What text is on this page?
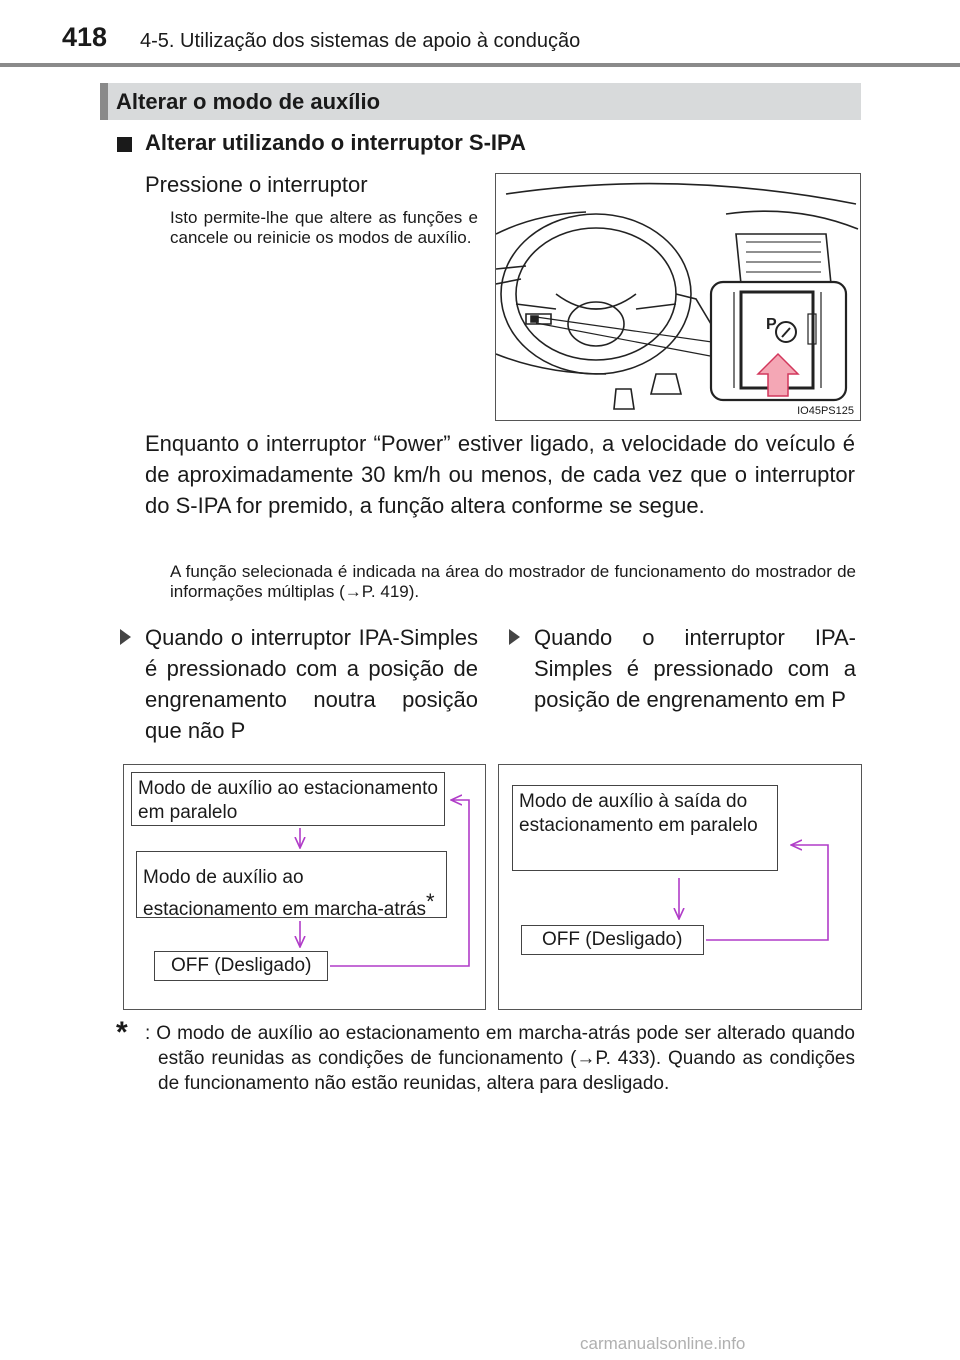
418 4-5. Utilização dos sistemas de apoio à condução
Alterar o modo de auxílio
Alterar utilizando o interruptor S-IPA
Pressione o interruptor
Isto permite-lhe que altere as funções e cancele ou reinicie os modos de auxílio.
P
IO45PS125
Enquanto o interruptor “Power” estiver ligado, a velocidade do veículo é de aproximadamente 30 km/h ou menos, de cada vez que o interruptor do S-IPA for premido, a função altera conforme se segue.
A função selecionada é indicada na área do mostrador de funcionamento do mostrador de informações múltiplas (→P. 419).
Quando o interruptor IPA-Simples é pressionado com a posição de engrenamento noutra posição que não P
Quando o interruptor IPA-Simples é pressionado com a posição de engrenamento em P
Modo de auxílio ao estacionamento em paralelo
Modo de auxílio ao estacionamento em marcha-atrás*
OFF (Desligado)
Modo de auxílio à saída do estacionamento em paralelo
OFF (Desligado)
* : O modo de auxílio ao estacionamento em marcha-atrás pode ser alterado quando estão reunidas as condições de funcionamento (→P. 433). Quando as condições de funcionamento não estão reunidas, altera para desligado.
carmanualsonline.info
